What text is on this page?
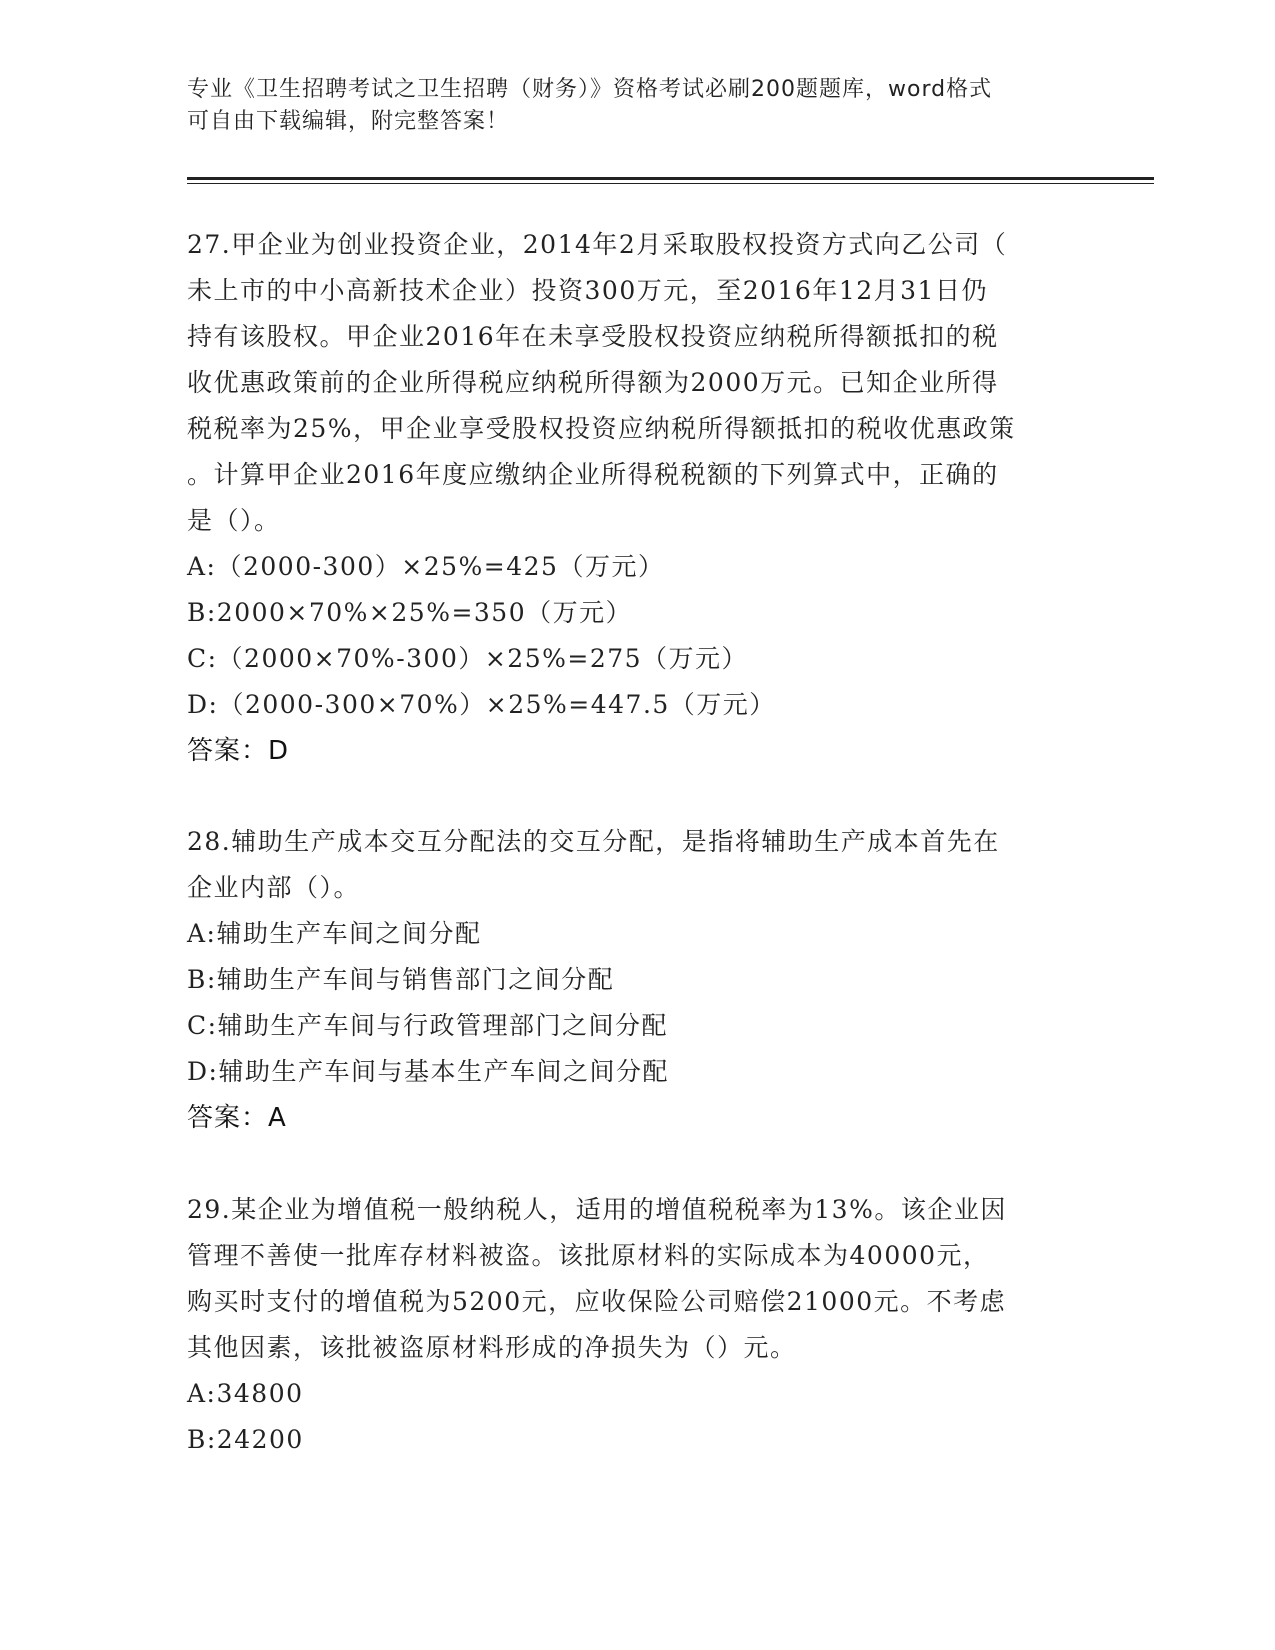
专业《卫生招聘考试之卫生招聘（财务）》资格考试必刷200题题库，word格式
可自由下载编辑，附完整答案！
27.甲企业为创业投资企业，2014年2月采取股权投资方式向乙公司（
未上市的中小高新技术企业）投资300万元，至2016年12月31日仍
持有该股权。甲企业2016年在未享受股权投资应纳税所得额抵扣的税
收优惠政策前的企业所得税应纳税所得额为2000万元。已知企业所得
税税率为25%，甲企业享受股权投资应纳税所得额抵扣的税收优惠政策
。计算甲企业2016年度应缴纳企业所得税税额的下列算式中，正确的
是（）。
A:（2000-300）×25%=425（万元）
B:2000×70%×25%=350（万元）
C:（2000×70%-300）×25%=275（万元）
D:（2000-300×70%）×25%=447.5（万元）
答案：D
28.辅助生产成本交互分配法的交互分配，是指将辅助生产成本首先在
企业内部（）。
A:辅助生产车间之间分配
B:辅助生产车间与销售部门之间分配
C:辅助生产车间与行政管理部门之间分配
D:辅助生产车间与基本生产车间之间分配
答案：A
29.某企业为增值税一般纳税人，适用的增值税税率为13%。该企业因
管理不善使一批库存材料被盗。该批原材料的实际成本为40000元，
购买时支付的增值税为5200元，应收保险公司赔偿21000元。不考虑
其他因素，该批被盗原材料形成的净损失为（）元。
A:34800
B:24200
